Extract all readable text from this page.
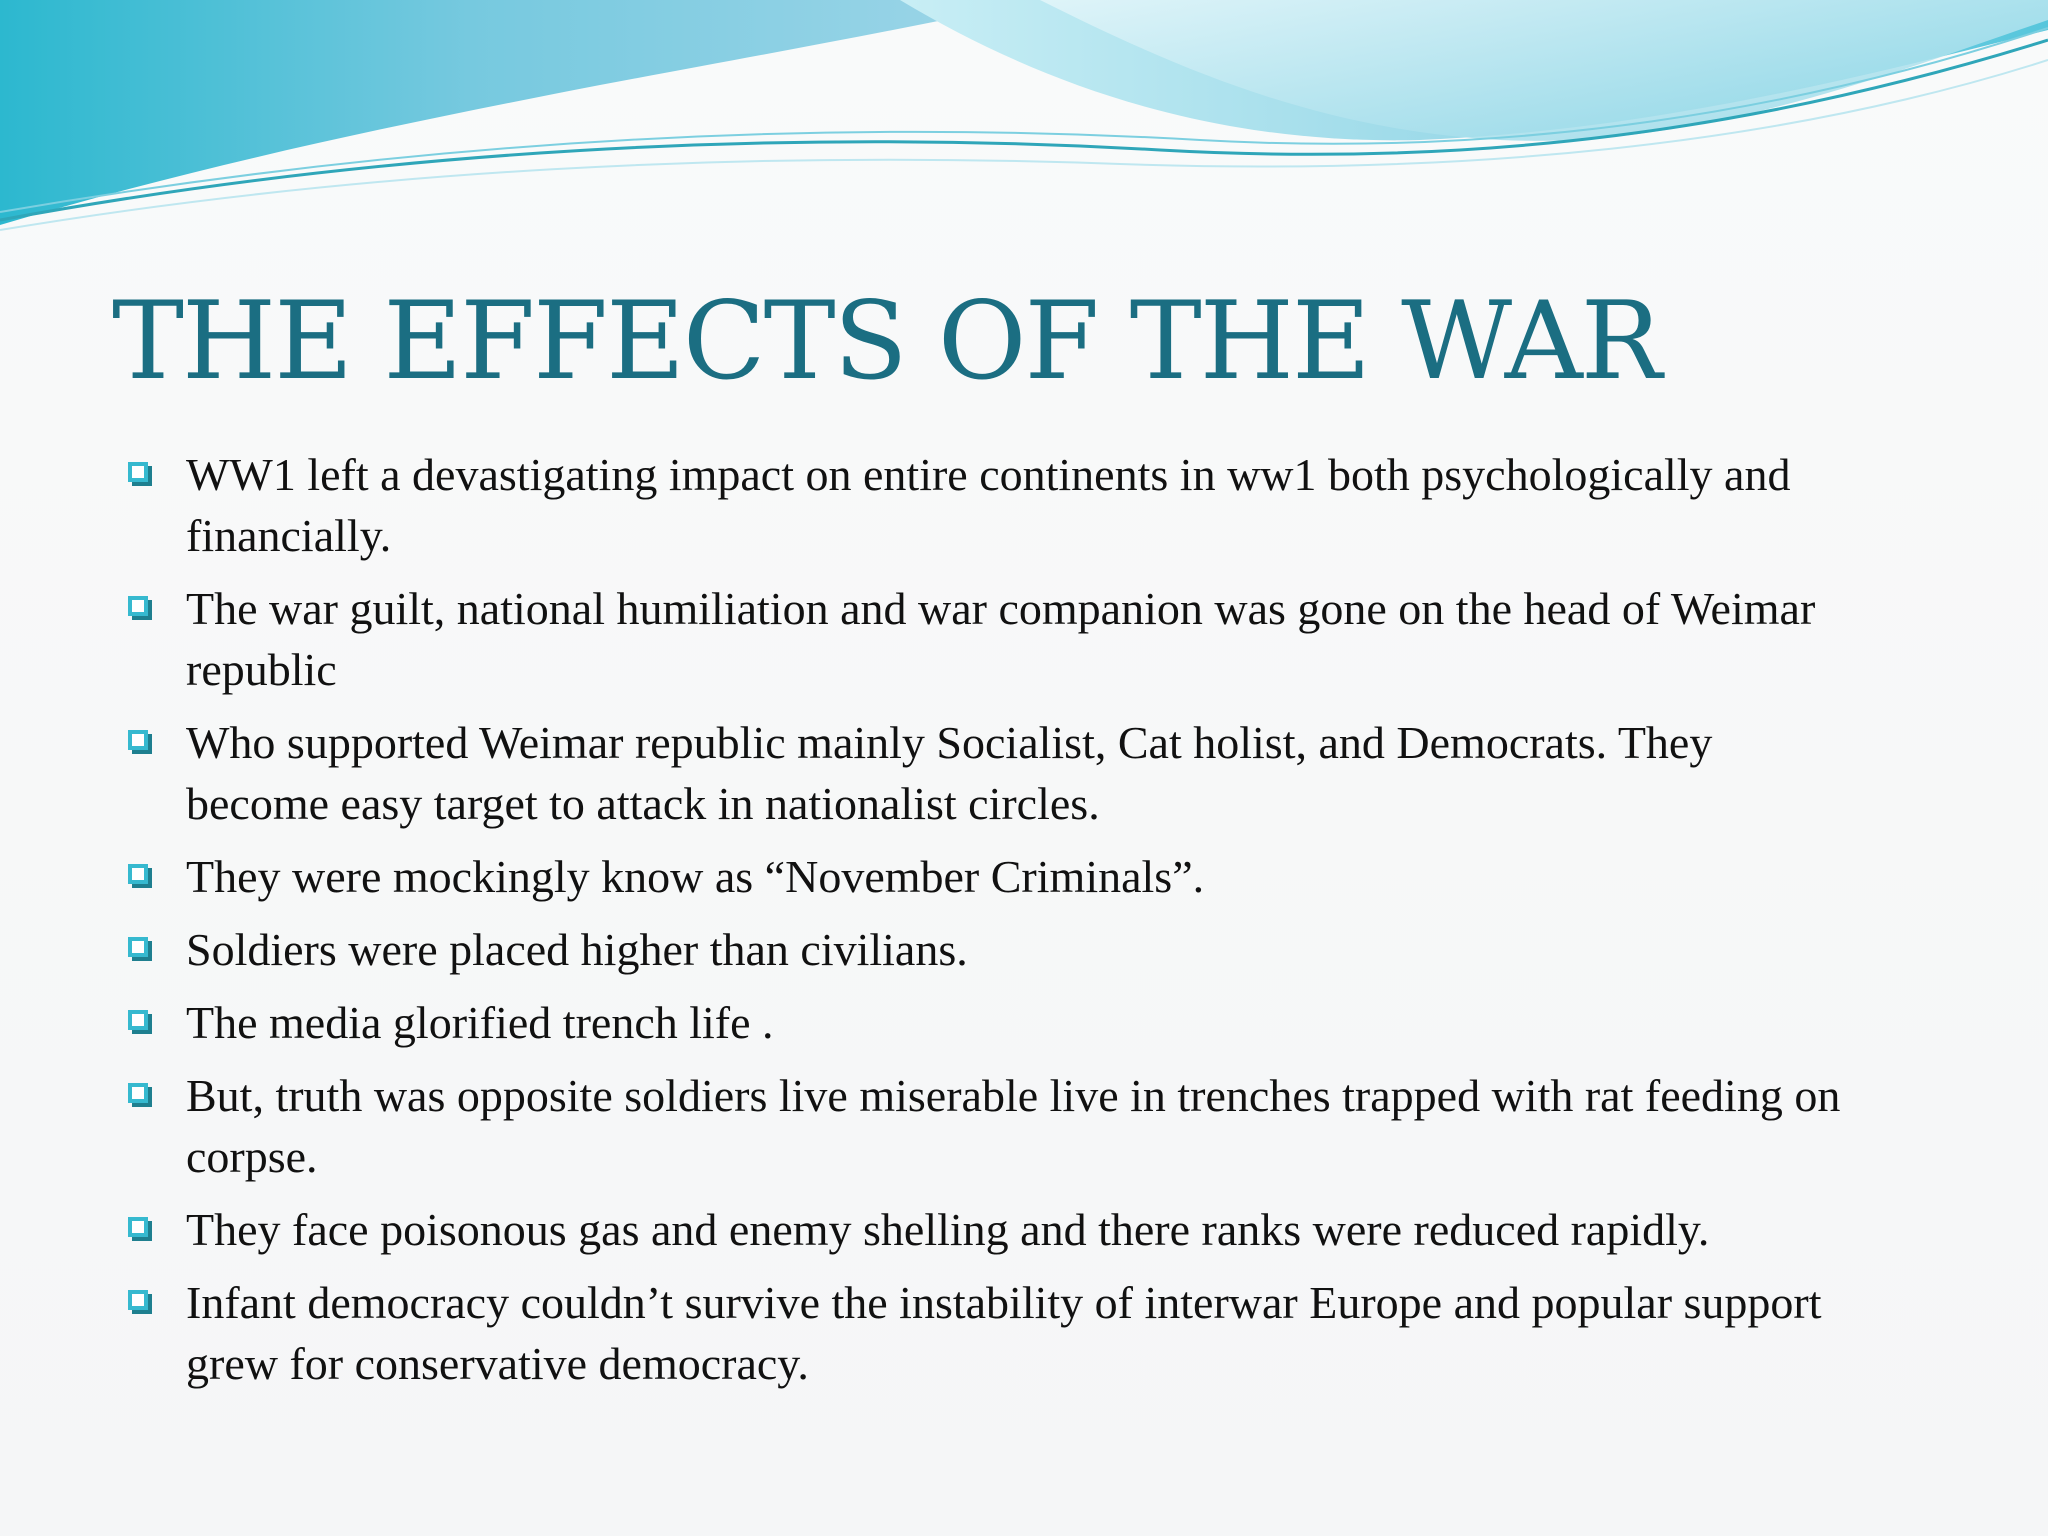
THE EFFECTS OF THE WAR
WW1 left a devastigating impact on entire continents in ww1 both psychologically and financially.
The war guilt, national humiliation and war companion was gone on the head of Weimar republic
Who supported Weimar republic mainly Socialist, Cat holist, and Democrats. They become easy target to attack in nationalist circles.
They were mockingly know as “November Criminals”.
Soldiers were placed higher than civilians.
The media glorified trench life .
But, truth was opposite soldiers live miserable live in trenches trapped with rat feeding on corpse.
They face poisonous gas and enemy shelling and there ranks were reduced rapidly.
Infant democracy couldn’t survive the instability of interwar Europe and popular support grew for conservative democracy.
